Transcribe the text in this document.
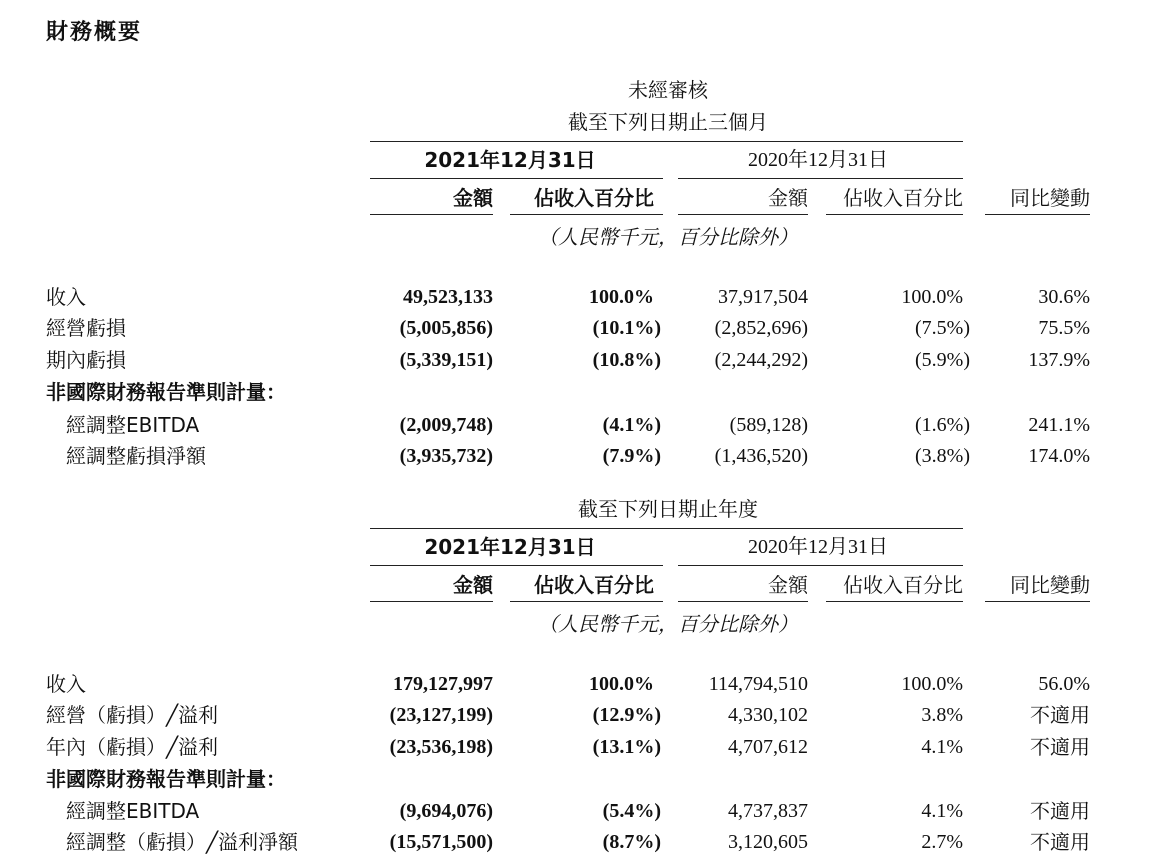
財務概要
未經審核
截至下列日期止三個月
2021年12月31日	2020年12月31日
金額 佔收入百分比	金額 佔收入百分比 同比變動
（人民幣千元，百分比除外）
收入	49,523,133	100.0%	37,917,504	100.0%	30.6%
經營虧損	(5,005,856)	(10.1%)	(2,852,696)	(7.5%)	75.5%
期內虧損	(5,339,151)	(10.8%)	(2,244,292)	(5.9%)	137.9%
非國際財務報告準則計量：
經調整EBITDA	(2,009,748)	(4.1%)	(589,128)	(1.6%)	241.1%
經調整虧損淨額	(3,935,732)	(7.9%)	(1,436,520)	(3.8%)	174.0%
截至下列日期止年度
2021年12月31日	2020年12月31日
金額 佔收入百分比	金額 佔收入百分比 同比變動
（人民幣千元，百分比除外）
收入	179,127,997	100.0%	114,794,510	100.0%	56.0%
經營（虧損）╱溢利	(23,127,199)	(12.9%)	4,330,102	3.8%	不適用
年內（虧損）╱溢利	(23,536,198)	(13.1%)	4,707,612	4.1%	不適用
非國際財務報告準則計量：
經調整EBITDA	(9,694,076)	(5.4%)	4,737,837	4.1%	不適用
經調整（虧損）╱溢利淨額	(15,571,500)	(8.7%)	3,120,605	2.7%	不適用
